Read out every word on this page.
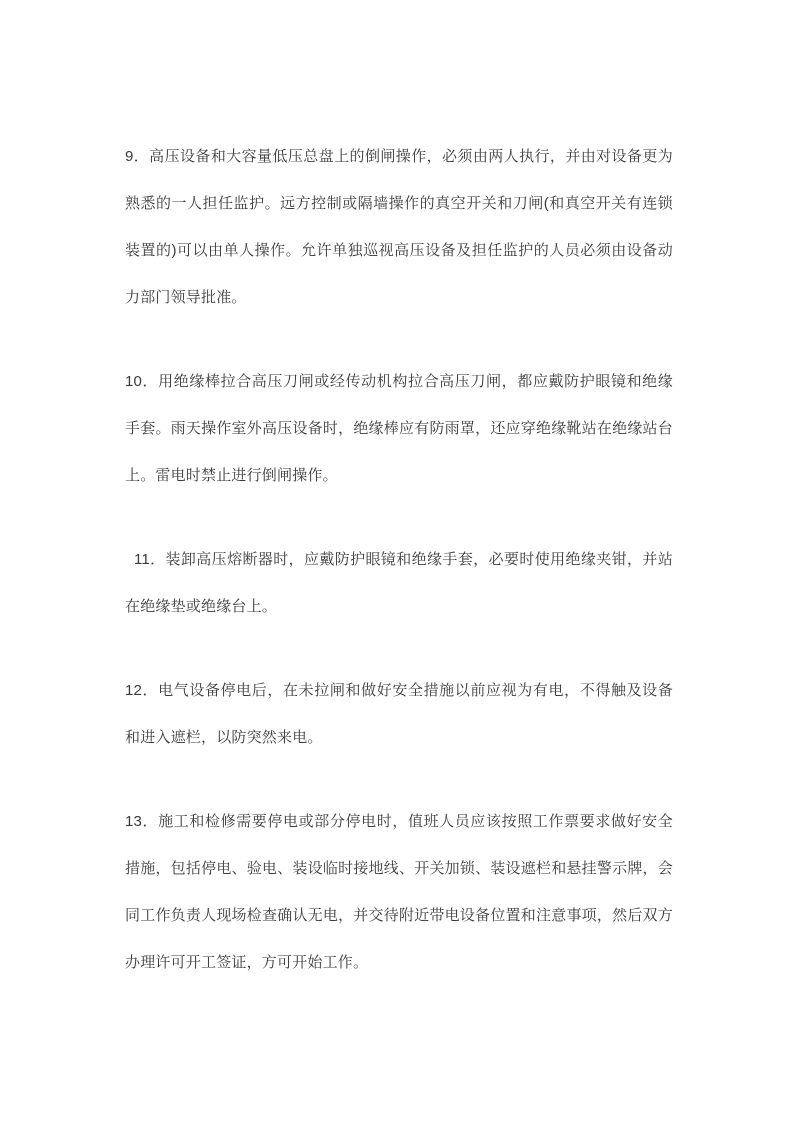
9．高压设备和大容量低压总盘上的倒闸操作，必须由两人执行，并由对设备更为熟悉的一人担任监护。远方控制或隔墙操作的真空开关和刀闸(和真空开关有连锁装置的)可以由单人操作。允许单独巡视高压设备及担任监护的人员必须由设备动力部门领导批准。

10．用绝缘棒拉合高压刀闸或经传动机构拉合高压刀闸，都应戴防护眼镜和绝缘手套。雨天操作室外高压设备时，绝缘棒应有防雨罩，还应穿绝缘靴站在绝缘站台上。雷电时禁止进行倒闸操作。

11．装卸高压熔断器时，应戴防护眼镜和绝缘手套，必要时使用绝缘夹钳，并站在绝缘垫或绝缘台上。

12．电气设备停电后，在未拉闸和做好安全措施以前应视为有电，不得触及设备和进入遮栏，以防突然来电。

13．施工和检修需要停电或部分停电时，值班人员应该按照工作票要求做好安全措施，包括停电、验电、装设临时接地线、开关加锁、装设遮栏和悬挂警示牌，会同工作负责人现场检查确认无电，并交待附近带电设备位置和注意事项，然后双方办理许可开工签证，方可开始工作。
